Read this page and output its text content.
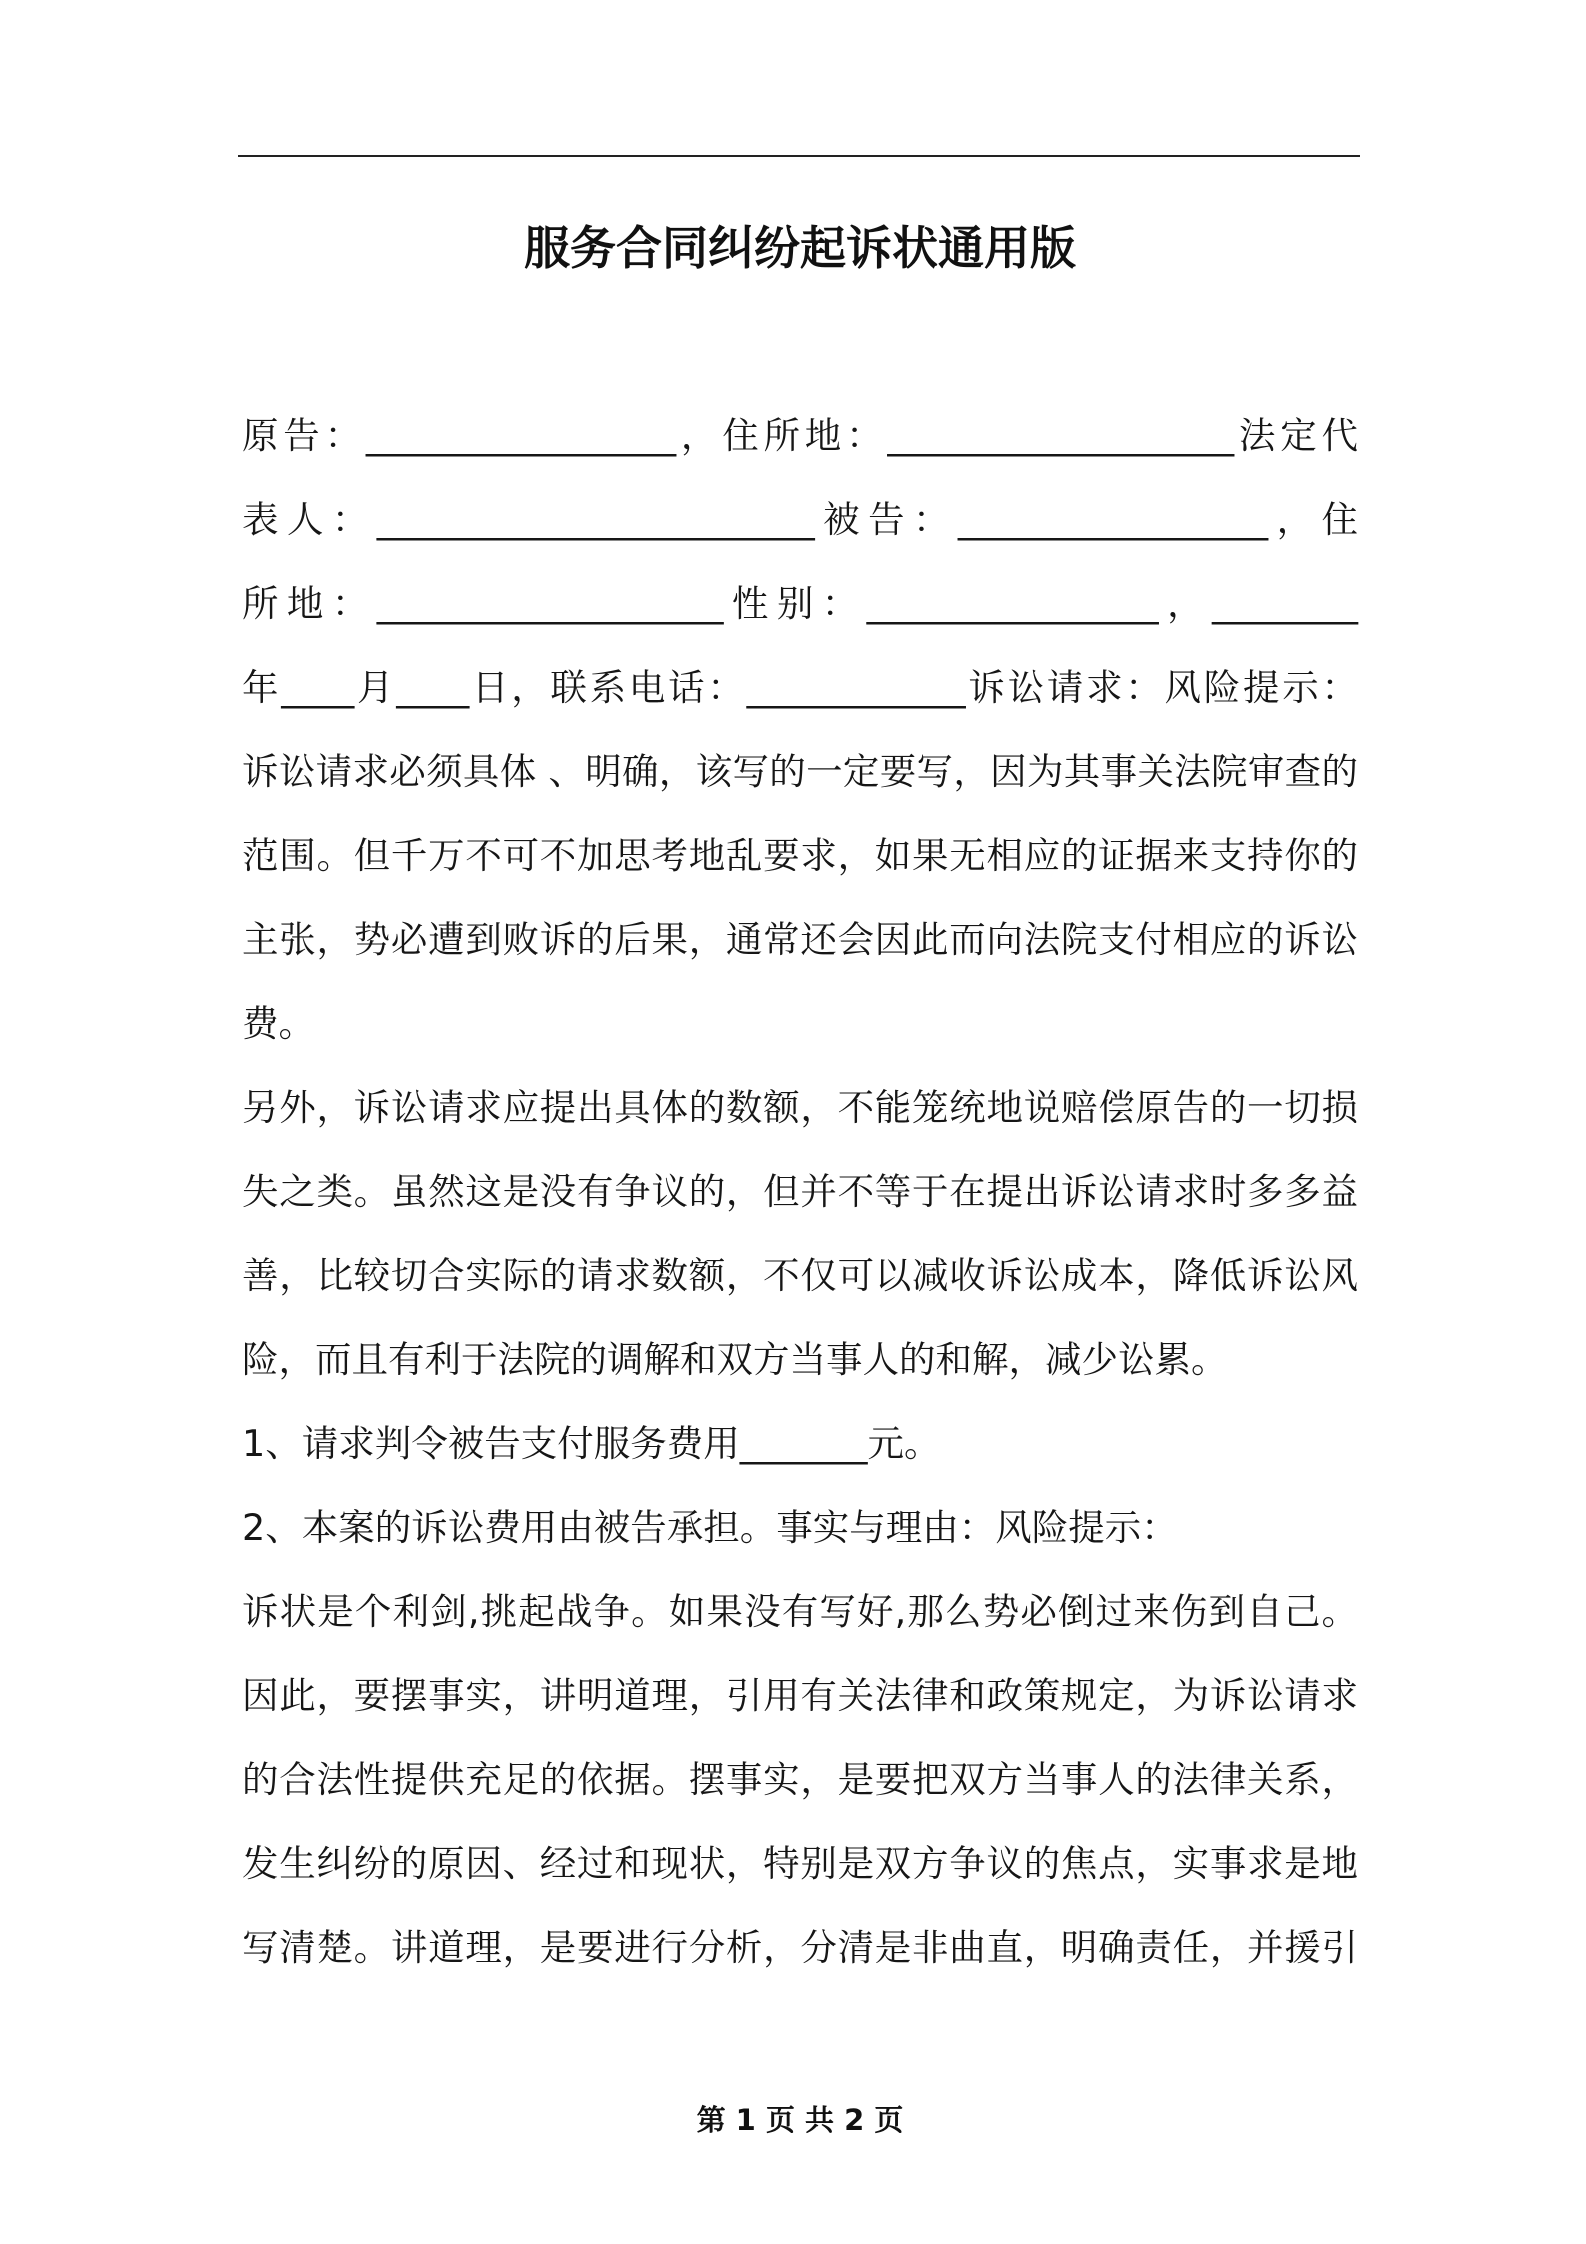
服务合同纠纷起诉状通用版
原告：_________________，住所地：___________________法定代
表人：________________________被告：_________________，住
所地：___________________性别：________________，________
年____月____日，联系电话：____________诉讼请求：风险提示：
诉讼请求必须具体 、明确，该写的一定要写，因为其事关法院审查的
范围。但千万不可不加思考地乱要求，如果无相应的证据来支持你的
主张，势必遭到败诉的后果，通常还会因此而向法院支付相应的诉讼
费。
另外，诉讼请求应提出具体的数额，不能笼统地说赔偿原告的一切损
失之类。虽然这是没有争议的，但并不等于在提出诉讼请求时多多益
善，比较切合实际的请求数额，不仅可以减收诉讼成本，降低诉讼风
险，而且有利于法院的调解和双方当事人的和解，减少讼累。
1、请求判令被告支付服务费用_______元。
2、本案的诉讼费用由被告承担。事实与理由：风险提示：
诉状是个利剑,挑起战争。如果没有写好,那么势必倒过来伤到自己。
因此，要摆事实，讲明道理，引用有关法律和政策规定，为诉讼请求
的合法性提供充足的依据。摆事实，是要把双方当事人的法律关系，
发生纠纷的原因、经过和现状，特别是双方争议的焦点，实事求是地
写清楚。讲道理，是要进行分析，分清是非曲直，明确责任，并援引
第 1 页 共 2 页
